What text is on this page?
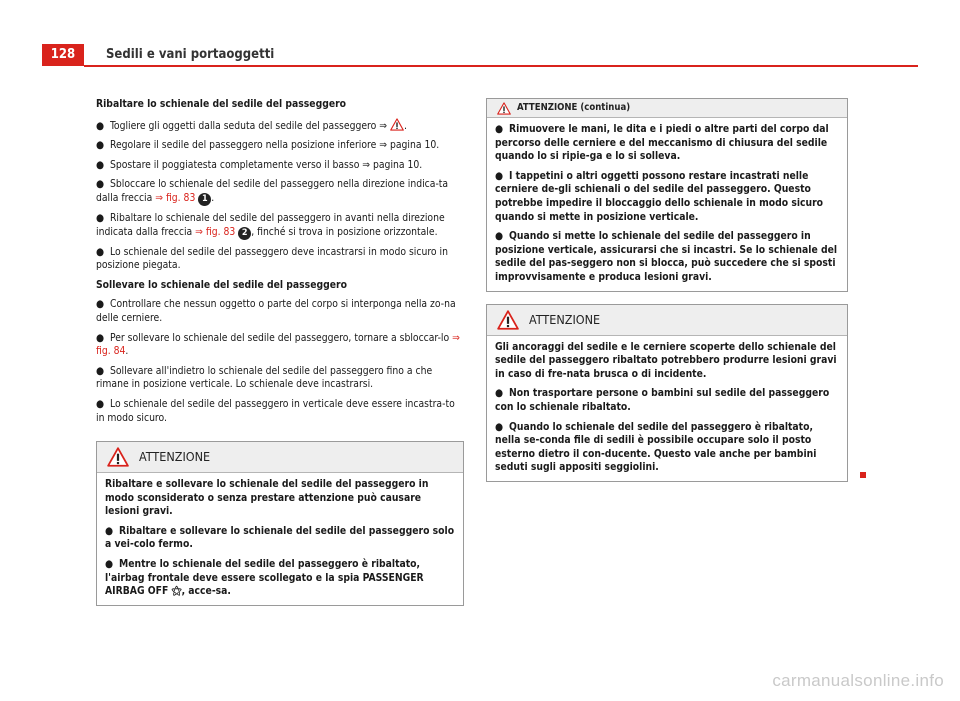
128	Sedili e vani portaoggetti

Ribaltare lo schienale del sedile del passeggero

● Togliere gli oggetti dalla seduta del sedile del passeggero ⇒ .

● Regolare il sedile del passeggero nella posizione inferiore ⇒ pagina 10.

● Spostare il poggiatesta completamente verso il basso ⇒ pagina 10.

● Sbloccare lo schienale del sedile del passeggero nella direzione indica-ta dalla freccia ⇒ fig. 83 1 .

● Ribaltare lo schienale del sedile del passeggero in avanti nella direzione indicata dalla freccia ⇒ fig. 83 2 , finché si trova in posizione orizzontale.

● Lo schienale del sedile del passeggero deve incastrarsi in modo sicuro in posizione piegata.

Sollevare lo schienale del sedile del passeggero

● Controllare che nessun oggetto o parte del corpo si interponga nella zo-na delle cerniere.

● Per sollevare lo schienale del sedile del passeggero, tornare a sbloccar-lo ⇒ fig. 84.

● Sollevare all'indietro lo schienale del sedile del passeggero fino a che rimane in posizione verticale. Lo schienale deve incastrarsi.

● Lo schienale del sedile del passeggero in verticale deve essere incastra-to in modo sicuro.

ATTENZIONE

Ribaltare e sollevare lo schienale del sedile del passeggero in modo sconsiderato o senza prestare attenzione può causare lesioni gravi.

● Ribaltare e sollevare lo schienale del sedile del passeggero solo a vei-colo fermo.

● Mentre lo schienale del sedile del passeggero è ribaltato, l'airbag frontale deve essere scollegato e la spia PASSENGER AIRBAG OFF ⚝, acce-sa.

ATTENZIONE (continua)

● Rimuovere le mani, le dita e i piedi o altre parti del corpo dal percorso delle cerniere e del meccanismo di chiusura del sedile quando lo si ripie-ga e lo si solleva.

● I tappetini o altri oggetti possono restare incastrati nelle cerniere de-gli schienali o del sedile del passeggero. Questo potrebbe impedire il bloccaggio dello schienale in modo sicuro quando si mette in posizione verticale.

● Quando si mette lo schienale del sedile del passeggero in posizione verticale, assicurarsi che si incastri. Se lo schienale del sedile del pas-seggero non si blocca, può succedere che si sposti improvvisamente e produca lesioni gravi.

ATTENZIONE

Gli ancoraggi del sedile e le cerniere scoperte dello schienale del sedile del passeggero ribaltato potrebbero produrre lesioni gravi in caso di fre-nata brusca o di incidente.

● Non trasportare persone o bambini sul sedile del passeggero con lo schienale ribaltato.

● Quando lo schienale del sedile del passeggero è ribaltato, nella se-conda file di sedili è possibile occupare solo il posto esterno dietro il con-ducente. Questo vale anche per bambini seduti sugli appositi seggiolini.

carmanualsonline.info
